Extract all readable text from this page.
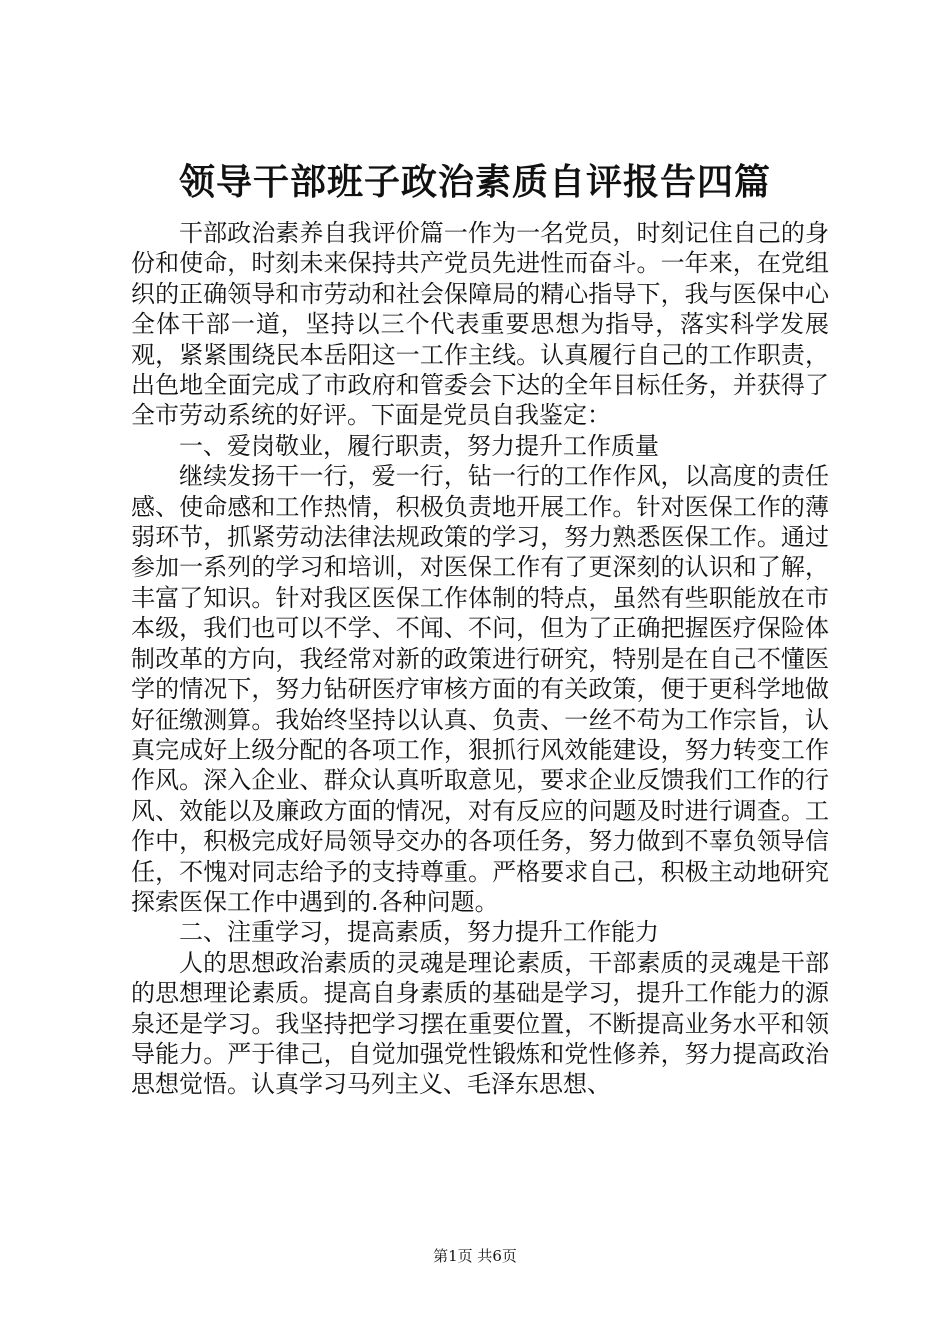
领导干部班子政治素质自评报告四篇

干部政治素养自我评价篇一作为一名党员，时刻记住自己的身份和使命，时刻未来保持共产党员先进性而奋斗。一年来，在党组织的正确领导和市劳动和社会保障局的精心指导下，我与医保中心全体干部一道，坚持以三个代表重要思想为指导，落实科学发展观，紧紧围绕民本岳阳这一工作主线。认真履行自己的工作职责，出色地全面完成了市政府和管委会下达的全年目标任务，并获得了全市劳动系统的好评。下面是党员自我鉴定：

一、爱岗敬业，履行职责，努力提升工作质量

继续发扬干一行，爱一行，钻一行的工作作风，以高度的责任感、使命感和工作热情，积极负责地开展工作。针对医保工作的薄弱环节，抓紧劳动法律法规政策的学习，努力熟悉医保工作。通过参加一系列的学习和培训，对医保工作有了更深刻的认识和了解，丰富了知识。针对我区医保工作体制的特点，虽然有些职能放在市本级，我们也可以不学、不闻、不问，但为了正确把握医疗保险体制改革的方向，我经常对新的政策进行研究，特别是在自己不懂医学的情况下，努力钻研医疗审核方面的有关政策，便于更科学地做好征缴测算。我始终坚持以认真、负责、一丝不苟为工作宗旨，认真完成好上级分配的各项工作，狠抓行风效能建设，努力转变工作作风。深入企业、群众认真听取意见，要求企业反馈我们工作的行风、效能以及廉政方面的情况，对有反应的问题及时进行调查。工作中，积极完成好局领导交办的各项任务，努力做到不辜负领导信任，不愧对同志给予的支持尊重。严格要求自己，积极主动地研究探索医保工作中遇到的.各种问题。

二、注重学习，提高素质，努力提升工作能力

人的思想政治素质的灵魂是理论素质，干部素质的灵魂是干部的思想理论素质。提高自身素质的基础是学习，提升工作能力的源泉还是学习。我坚持把学习摆在重要位置，不断提高业务水平和领导能力。严于律己，自觉加强党性锻炼和党性修养，努力提高政治思想觉悟。认真学习马列主义、毛泽东思想、

第1页 共6页
